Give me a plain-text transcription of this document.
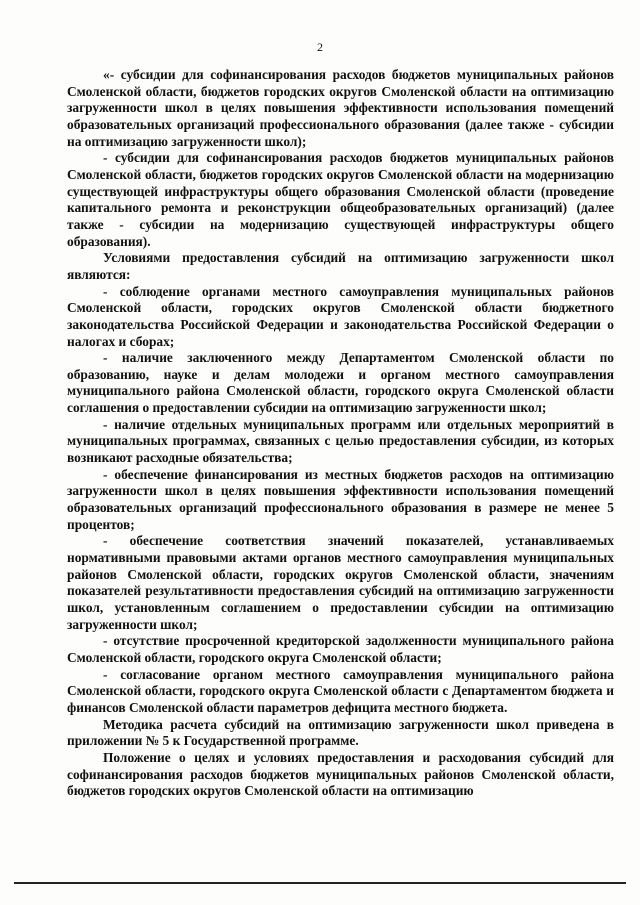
2

«- субсидии для софинансирования расходов бюджетов муниципальных районов Смоленской области, бюджетов городских округов Смоленской области на оптимизацию загруженности школ в целях повышения эффективности использования помещений образовательных организаций профессионального образования (далее также - субсидии на оптимизацию загруженности школ);

- субсидии для софинансирования расходов бюджетов муниципальных районов Смоленской области, бюджетов городских округов Смоленской области на модернизацию существующей инфраструктуры общего образования Смоленской области (проведение капитального ремонта и реконструкции общеобразовательных организаций) (далее также - субсидии на модернизацию существующей инфраструктуры общего образования).

Условиями предоставления субсидий на оптимизацию загруженности школ являются:

- соблюдение органами местного самоуправления муниципальных районов Смоленской области, городских округов Смоленской области бюджетного законодательства Российской Федерации и законодательства Российской Федерации о налогах и сборах;

- наличие заключенного между Департаментом Смоленской области по образованию, науке и делам молодежи и органом местного самоуправления муниципального района Смоленской области, городского округа Смоленской области соглашения о предоставлении субсидии на оптимизацию загруженности школ;

- наличие отдельных муниципальных программ или отдельных мероприятий в муниципальных программах, связанных с целью предоставления субсидии, из которых возникают расходные обязательства;

- обеспечение финансирования из местных бюджетов расходов на оптимизацию загруженности школ в целях повышения эффективности использования помещений образовательных организаций профессионального образования в размере не менее 5 процентов;

- обеспечение соответствия значений показателей, устанавливаемых нормативными правовыми актами органов местного самоуправления муниципальных районов Смоленской области, городских округов Смоленской области, значениям показателей результативности предоставления субсидий на оптимизацию загруженности школ, установленным соглашением о предоставлении субсидии на оптимизацию загруженности школ;

- отсутствие просроченной кредиторской задолженности муниципального района Смоленской области, городского округа Смоленской области;

- согласование органом местного самоуправления муниципального района Смоленской области, городского округа Смоленской области с Департаментом бюджета и финансов Смоленской области параметров дефицита местного бюджета.

Методика расчета субсидий на оптимизацию загруженности школ приведена в приложении № 5 к Государственной программе.

Положение о целях и условиях предоставления и расходования субсидий для софинансирования расходов бюджетов муниципальных районов Смоленской области, бюджетов городских округов Смоленской области на оптимизацию
